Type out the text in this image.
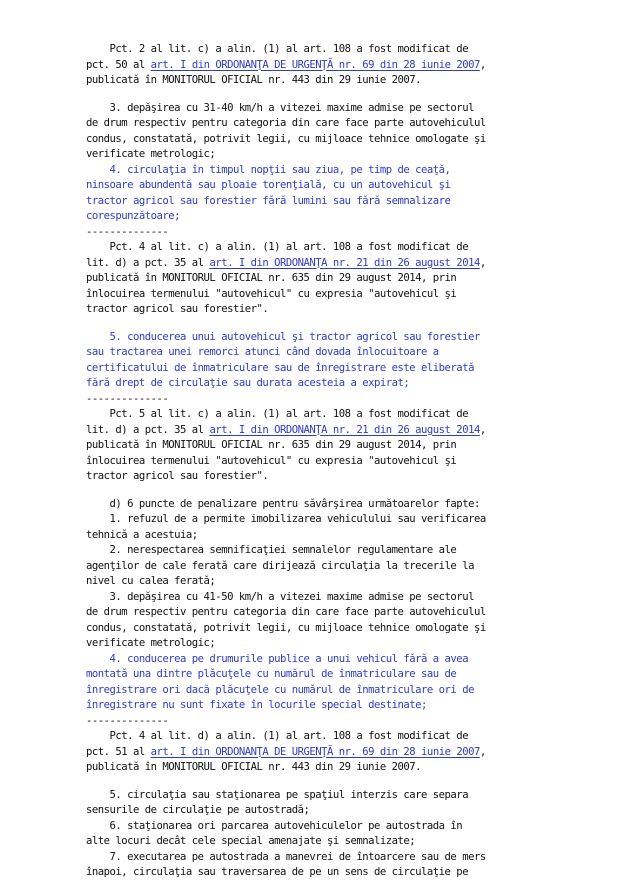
Pct. 2 al lit. c) a alin. (1) al art. 108 a fost modificat de
pct. 50 al art. I din ORDONANŢA DE URGENŢĂ nr. 69 din 28 iunie 2007,
publicată în MONITORUL OFICIAL nr. 443 din 29 iunie 2007.

3. depăşirea cu 31-40 km/h a vitezei maxime admise pe sectorul
de drum respectiv pentru categoria din care face parte autovehiculul
condus, constatată, potrivit legii, cu mijloace tehnice omologate şi
verificate metrologic;

4. circulaţia în timpul nopţii sau ziua, pe timp de ceaţă,
ninsoare abundentă sau ploaie torenţială, cu un autovehicul şi
tractor agricol sau forestier fără lumini sau fără semnalizare
corespunzătoare;

--------------

Pct. 4 al lit. c) a alin. (1) al art. 108 a fost modificat de
lit. d) a pct. 35 al art. I din ORDONANŢA nr. 21 din 26 august 2014,
publicată în MONITORUL OFICIAL nr. 635 din 29 august 2014, prin
înlocuirea termenului "autovehicul" cu expresia "autovehicul şi
tractor agricol sau forestier".

5. conducerea unui autovehicul şi tractor agricol sau forestier
sau tractarea unei remorci atunci când dovada înlocuitoare a
certificatului de înmatriculare sau de înregistrare este eliberată
fără drept de circulaţie sau durata acesteia a expirat;

--------------

Pct. 5 al lit. c) a alin. (1) al art. 108 a fost modificat de
lit. d) a pct. 35 al art. I din ORDONANŢA nr. 21 din 26 august 2014,
publicată în MONITORUL OFICIAL nr. 635 din 29 august 2014, prin
înlocuirea termenului "autovehicul" cu expresia "autovehicul şi
tractor agricol sau forestier".

d) 6 puncte de penalizare pentru săvârşirea următoarelor fapte:

1. refuzul de a permite imobilizarea vehiculului sau verificarea
tehnică a acestuia;

2. nerespectarea semnificaţiei semnalelor regulamentare ale
agenţilor de cale ferată care dirijează circulaţia la trecerile la
nivel cu calea ferată;

3. depăşirea cu 41-50 km/h a vitezei maxime admise pe sectorul
de drum respectiv pentru categoria din care face parte autovehiculul
condus, constatată, potrivit legii, cu mijloace tehnice omologate şi
verificate metrologic;

4. conducerea pe drumurile publice a unui vehicul fără a avea
montată una dintre plăcuţele cu numărul de înmatriculare sau de
înregistrare ori dacă plăcuţele cu numărul de înmatriculare ori de
înregistrare nu sunt fixate în locurile special destinate;

--------------

Pct. 4 al lit. d) a alin. (1) al art. 108 a fost modificat de
pct. 51 al art. I din ORDONANŢA DE URGENŢĂ nr. 69 din 28 iunie 2007,
publicată în MONITORUL OFICIAL nr. 443 din 29 iunie 2007.

5. circulaţia sau staţionarea pe spaţiul interzis care separa
sensurile de circulaţie pe autostradă;

6. staţionarea ori parcarea autovehiculelor pe autostrada în
alte locuri decât cele special amenajate şi semnalizate;

7. executarea pe autostrada a manevrei de întoarcere sau de mers
înapoi, circulaţia sau traversarea de pe un sens de circulaţie pe
